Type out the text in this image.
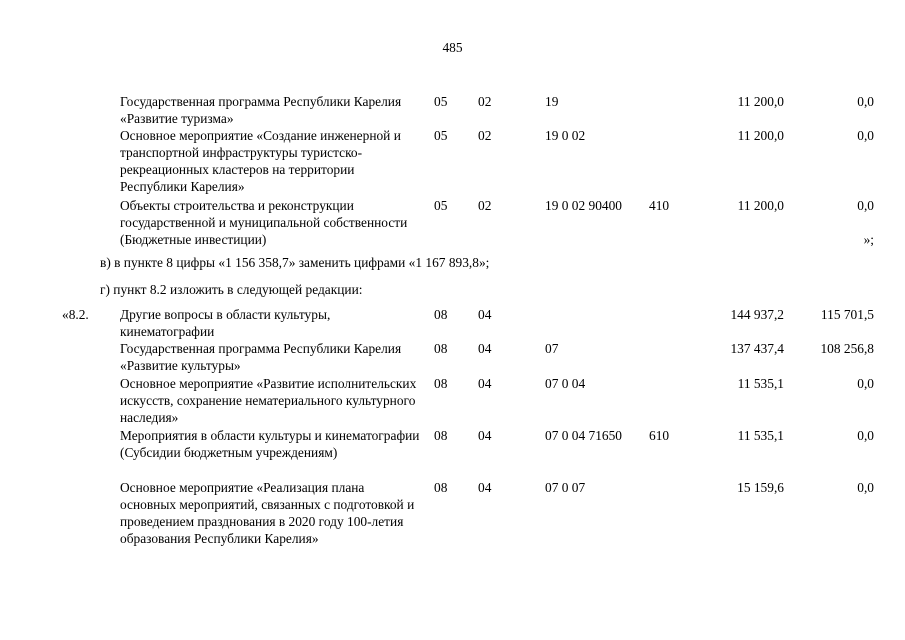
485
Государственная программа Республики Карелия «Развитие туризма»
05 02	19	11 200,0	0,0
Основное мероприятие «Создание инженерной и транспортной инфраструктуры туристско-рекреационных кластеров на территории Республики Карелия»
05 02	19 0 02	11 200,0	0,0
Объекты строительства и реконструкции государственной и муниципальной собственности (Бюджетные инвестиции)
05 02	19 0 02 90400 410	11 200,0	0,0
»;
в) в пункте 8 цифры «1 156 358,7» заменить цифрами «1 167 893,8»;
г) пункт 8.2 изложить в следующей редакции:
«8.2. Другие вопросы в области культуры, кинематографии
08 04	144 937,2	115 701,5
Государственная программа Республики Карелия «Развитие культуры»
08 04	07	137 437,4	108 256,8
Основное мероприятие «Развитие исполнительских искусств, сохранение нематериального культурного наследия»
08 04	07 0 04	11 535,1	0,0
Мероприятия в области культуры и кинематографии (Субсидии бюджетным учреждениям)
08 04	07 0 04 71650 610	11 535,1	0,0
Основное мероприятие «Реализация плана основных мероприятий, связанных с подготовкой и проведением празднования в 2020 году 100-летия образования Республики Карелия»
08 04	07 0 07	15 159,6	0,0
